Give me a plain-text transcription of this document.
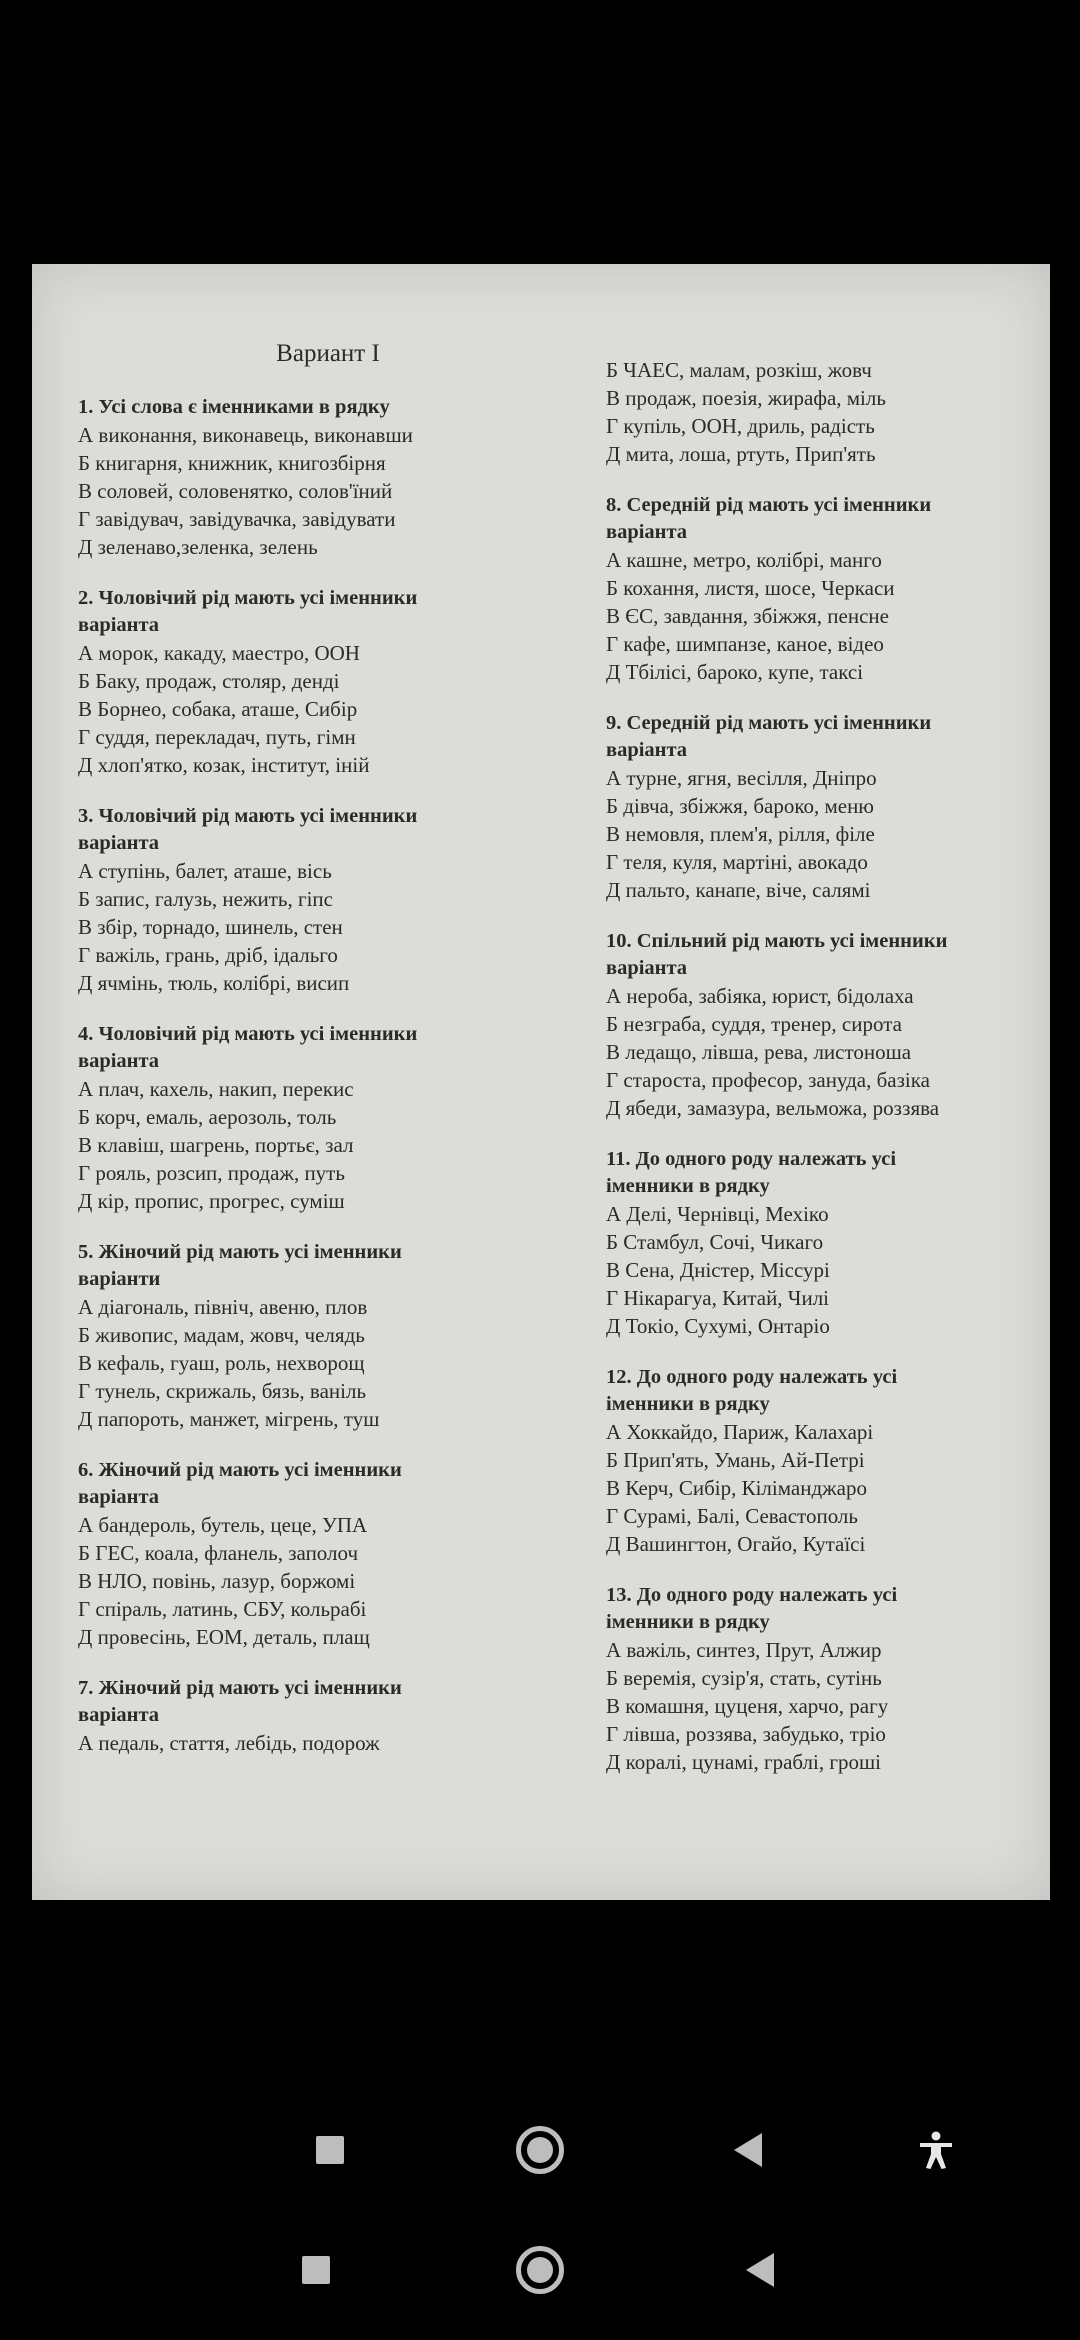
Вариант I

1. Усі слова є іменниками в рядку

А виконання, виконавець, виконавши

Б книгарня, книжник, книгозбірня

В соловей, соловенятко, солов'їний

Г завідувач, завідувачка, завідувати

Д зеленаво,зеленка, зелень

2. Чоловічий рід мають усі іменники

варіанта

А морок, какаду, маестро, ООН

Б Баку, продаж, столяр, денді

В Борнео, собака, аташе, Сибір

Г суддя, перекладач, путь, гімн

Д хлоп'ятко, козак, інститут, іній

3. Чоловічий рід мають усі іменники

варіанта

А ступінь, балет, аташе, вісь

Б запис, галузь, нежить, гіпс

В збір, торнадо, шинель, стен

Г важіль, грань, дріб, ідальго

Д ячмінь, тюль, колібрі, висип

4. Чоловічий рід мають усі іменники

варіанта

А плач, кахель, накип, перекис

Б корч, емаль, аерозоль, толь

В клавіш, шагрень, портьє, зал

Г рояль, розсип, продаж, путь

Д кір, пропис, прогрес, суміш

5. Жіночий рід мають усі іменники

варіанти

А діагональ, північ, авеню, плов

Б живопис, мадам, жовч, челядь

В кефаль, гуаш, роль, нехворощ

Г тунель, скрижаль, бязь, ваніль

Д папороть, манжет, мігрень, туш

6. Жіночий рід мають усі іменники

варіанта

А бандероль, бутель, цеце, УПА

Б ГЕС, коала, фланель, заполоч

В НЛО, повінь, лазур, боржомі

Г спіраль, латинь, СБУ, кольрабі

Д провесінь, ЕОМ, деталь, плащ

7. Жіночий рід мають усі іменники

варіанта

А педаль, стаття, лебідь, подорож

Б ЧАЕС, малам, розкіш, жовч

В продаж, поезія, жирафа, міль

Г купіль, ООН, дриль, радість

Д мита, лоша, ртуть, Прип'ять

8. Середній рід мають усі іменники

варіанта

А кашне, метро, колібрі, манго

Б кохання, листя, шосе, Черкаси

В ЄС, завдання, збіжжя, пенсне

Г кафе, шимпанзе, каное, відео

Д Тбілісі, бароко, купе, таксі

9. Середній рід мають усі іменники

варіанта

А турне, ягня, весілля, Дніпро

Б дівча, збіжжя, бароко, меню

В немовля, плем'я, рілля, філе

Г теля, куля, мартіні, авокадо

Д пальто, канапе, віче, салямі

10. Спільний рід мають усі іменники

варіанта

А нероба, забіяка, юрист, бідолаха

Б незграба, суддя, тренер, сирота

В ледащо, лівша, рева, листоноша

Г староста, професор, зануда, базіка

Д ябеди, замазура, вельможа, роззява

11. До одного роду належать усі

іменники в рядку

А Делі, Чернівці, Мехіко

Б Стамбул, Сочі, Чикаго

В Сена, Дністер, Міссурі

Г Нікарагуа, Китай, Чилі

Д Токіо, Сухумі, Онтаріо

12. До одного роду належать усі

іменники в рядку

А Хоккайдо, Париж, Калахарі

Б Прип'ять, Умань, Ай-Петрі

В Керч, Сибір, Кіліманджаро

Г Сурамі, Балі, Севастополь

Д Вашингтон, Огайо, Кутаїсі

13. До одного роду належать усі

іменники в рядку

А важіль, синтез, Прут, Алжир

Б веремія, сузір'я, стать, сутінь

В комашня, цуценя, харчо, рагу

Г лівша, роззява, забудько, тріо

Д коралі, цунамі, граблі, гроші
